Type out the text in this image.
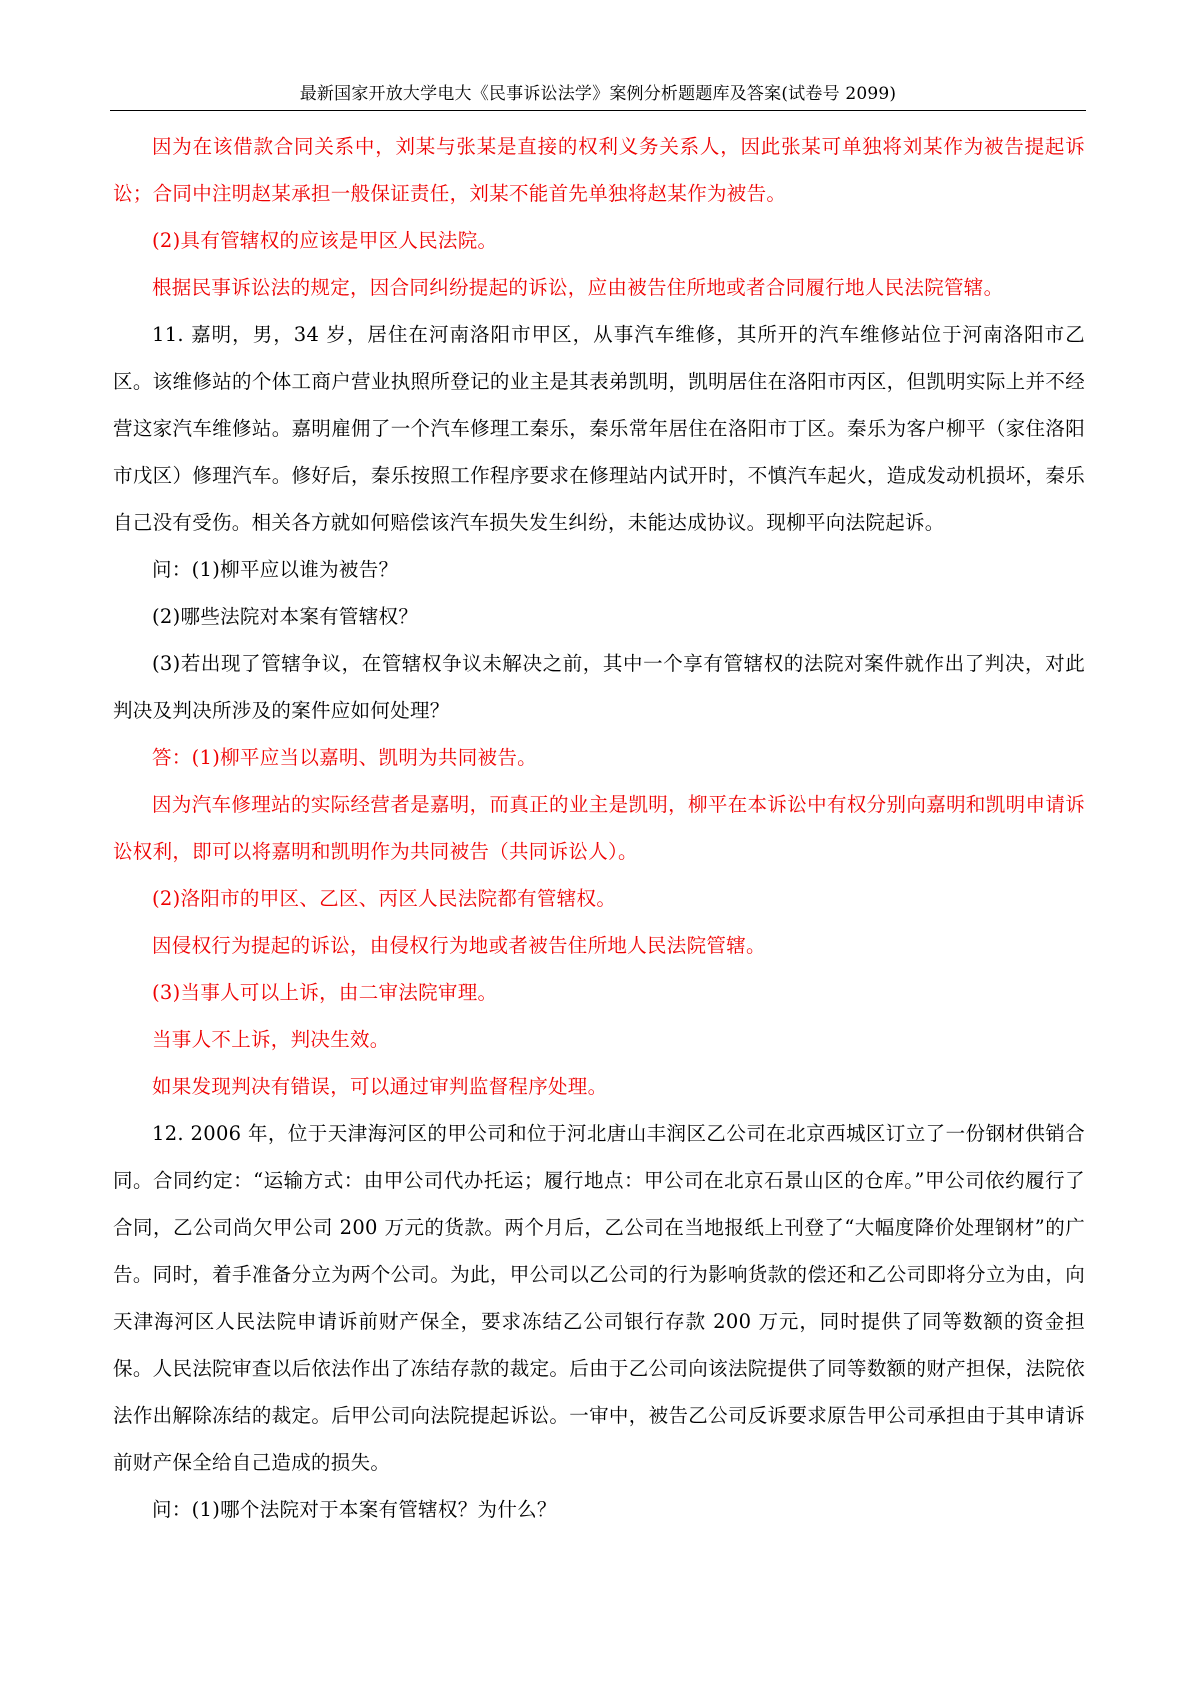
最新国家开放大学电大《民事诉讼法学》案例分析题题库及答案(试卷号 2099)

因为在该借款合同关系中，刘某与张某是直接的权利义务关系人，因此张某可单独将刘某作为被告提起诉讼；合同中注明赵某承担一般保证责任，刘某不能首先单独将赵某作为被告。

(2)具有管辖权的应该是甲区人民法院。

根据民事诉讼法的规定，因合同纠纷提起的诉讼，应由被告住所地或者合同履行地人民法院管辖。

11. 嘉明，男，34 岁，居住在河南洛阳市甲区，从事汽车维修，其所开的汽车维修站位于河南洛阳市乙区。该维修站的个体工商户营业执照所登记的业主是其表弟凯明，凯明居住在洛阳市丙区，但凯明实际上并不经营这家汽车维修站。嘉明雇佣了一个汽车修理工秦乐，秦乐常年居住在洛阳市丁区。秦乐为客户柳平（家住洛阳市戊区）修理汽车。修好后，秦乐按照工作程序要求在修理站内试开时，不慎汽车起火，造成发动机损坏，秦乐自己没有受伤。相关各方就如何赔偿该汽车损失发生纠纷，未能达成协议。现柳平向法院起诉。

问：(1)柳平应以谁为被告？

(2)哪些法院对本案有管辖权？

(3)若出现了管辖争议，在管辖权争议未解决之前，其中一个享有管辖权的法院对案件就作出了判决，对此判决及判决所涉及的案件应如何处理？

答：(1)柳平应当以嘉明、凯明为共同被告。

因为汽车修理站的实际经营者是嘉明，而真正的业主是凯明，柳平在本诉讼中有权分别向嘉明和凯明申请诉讼权利，即可以将嘉明和凯明作为共同被告（共同诉讼人）。

(2)洛阳市的甲区、乙区、丙区人民法院都有管辖权。

因侵权行为提起的诉讼，由侵权行为地或者被告住所地人民法院管辖。

(3)当事人可以上诉，由二审法院审理。

当事人不上诉，判决生效。

如果发现判决有错误，可以通过审判监督程序处理。

12. 2006 年，位于天津海河区的甲公司和位于河北唐山丰润区乙公司在北京西城区订立了一份钢材供销合同。合同约定：“运输方式：由甲公司代办托运；履行地点：甲公司在北京石景山区的仓库。”甲公司依约履行了合同，乙公司尚欠甲公司 200 万元的货款。两个月后，乙公司在当地报纸上刊登了“大幅度降价处理钢材”的广告。同时，着手准备分立为两个公司。为此，甲公司以乙公司的行为影响货款的偿还和乙公司即将分立为由，向天津海河区人民法院申请诉前财产保全，要求冻结乙公司银行存款 200 万元，同时提供了同等数额的资金担保。人民法院审查以后依法作出了冻结存款的裁定。后由于乙公司向该法院提供了同等数额的财产担保，法院依法作出解除冻结的裁定。后甲公司向法院提起诉讼。一审中，被告乙公司反诉要求原告甲公司承担由于其申请诉前财产保全给自己造成的损失。

问：(1)哪个法院对于本案有管辖权？为什么？
